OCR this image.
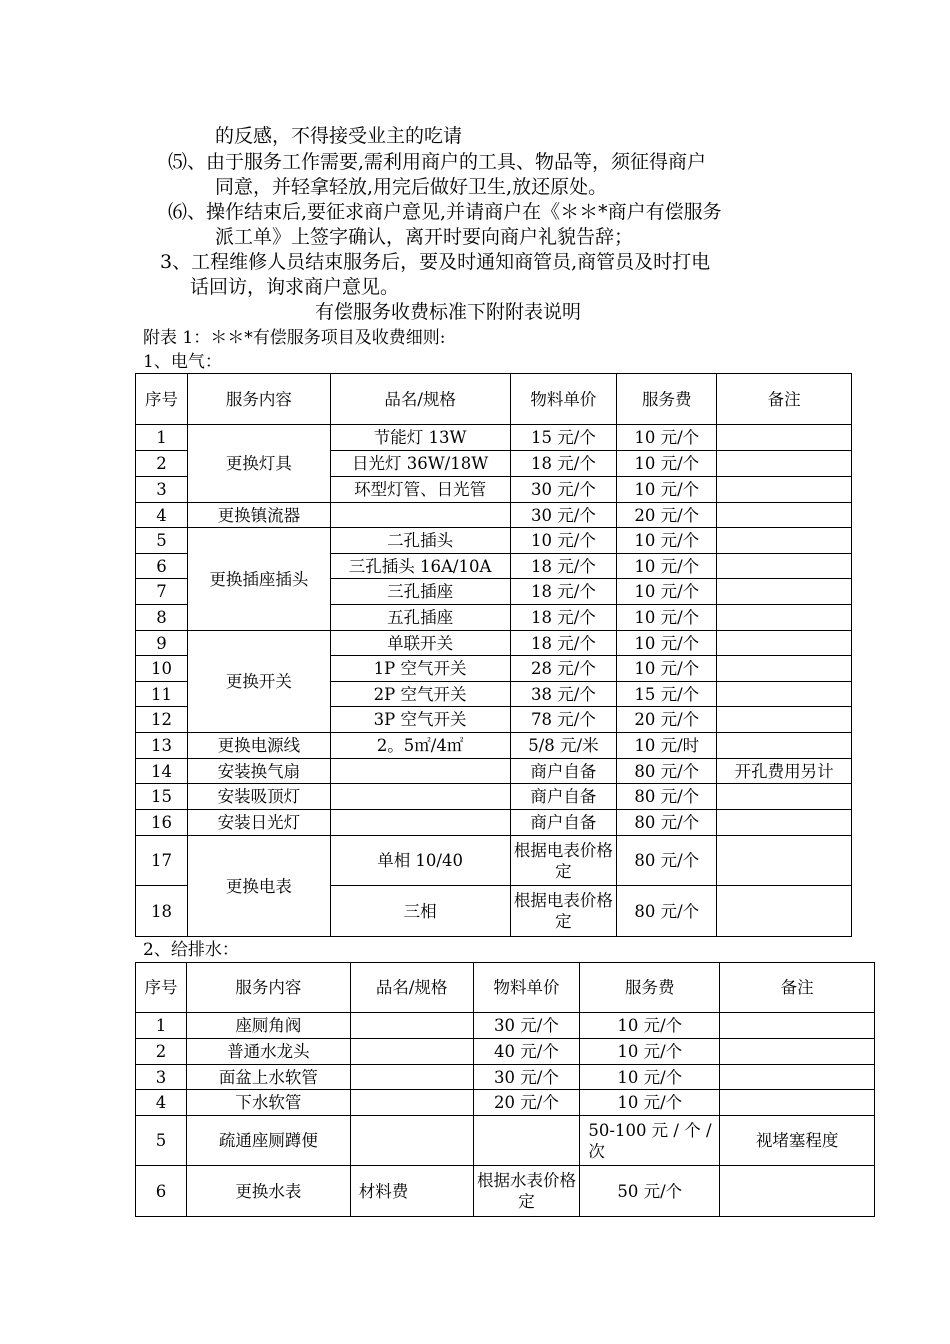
的反感，不得接受业主的吃请
⑸、由于服务工作需要,需利用商户的工具、物品等，须征得商户
同意，并轻拿轻放,用完后做好卫生,放还原处。
⑹、操作结束后,要征求商户意见,并请商户在《＊＊*商户有偿服务
派工单》上签字确认，离开时要向商户礼貌告辞；
3、工程维修人员结束服务后，要及时通知商管员,商管员及时打电
话回访，询求商户意见。
有偿服务收费标准下附附表说明
附表 1：＊＊*有偿服务项目及收费细则:
1、电气：
序号	服务内容	品名/规格	物料单价	服务费	备注
1	更换灯具	节能灯 13W	15 元/个	10 元/个	
2		日光灯 36W/18W	18 元/个	10 元/个	
3		环型灯管、日光管	30 元/个	10 元/个	
4	更换镇流器		30 元/个	20 元/个	
5	更换插座插头	二孔插头	10 元/个	10 元/个	
6		三孔插头 16A/10A	18 元/个	10 元/个	
7		三孔插座	18 元/个	10 元/个	
8		五孔插座	18 元/个	10 元/个	
9	更换开关	单联开关	18 元/个	10 元/个	
10		1P 空气开关	28 元/个	10 元/个	
11		2P 空气开关	38 元/个	15 元/个	
12		3P 空气开关	78 元/个	20 元/个	
13	更换电源线	2。5㎡/4㎡	5/8 元/米	10 元/时	
14	安装换气扇		商户自备	80 元/个	开孔费用另计
15	安装吸顶灯		商户自备	80 元/个	
16	安装日光灯		商户自备	80 元/个	
17	更换电表	单相 10/40	根据电表价格定	80 元/个	
18		三相	根据电表价格定	80 元/个	
2、给排水：
序号	服务内容	品名/规格	物料单价	服务费	备注
1	座厕角阀		30 元/个	10 元/个	
2	普通水龙头		40 元/个	10 元/个	
3	面盆上水软管		30 元/个	10 元/个	
4	下水软管		20 元/个	10 元/个	
5	疏通座厕蹲便			50-100 元 / 个 / 次	视堵塞程度
6	更换水表	材料费	根据水表价格定	50 元/个	
